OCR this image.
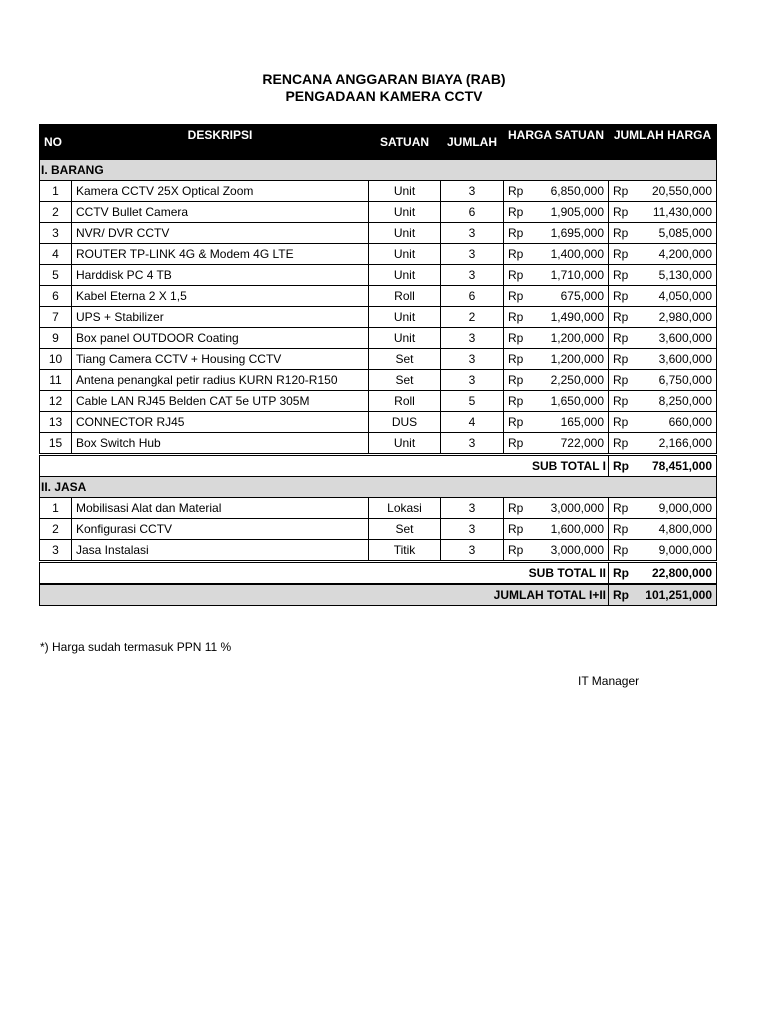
RENCANA ANGGARAN BIAYA (RAB)
PENGADAAN KAMERA CCTV
NO	DESKRIPSI	SATUAN	JUMLAH	HARGA SATUAN		JUMLAH HARGA	
I. BARANG							
1	Kamera CCTV 25X Optical Zoom	Unit	3	Rp	6,850,000	Rp	20,550,000
2	CCTV Bullet Camera	Unit	6	Rp	1,905,000	Rp	11,430,000
3	NVR/ DVR CCTV	Unit	3	Rp	1,695,000	Rp	5,085,000
4	ROUTER TP-LINK 4G & Modem 4G LTE	Unit	3	Rp	1,400,000	Rp	4,200,000
5	Harddisk PC 4 TB	Unit	3	Rp	1,710,000	Rp	5,130,000
6	Kabel Eterna 2 X 1,5	Roll	6	Rp	675,000	Rp	4,050,000
7	UPS + Stabilizer	Unit	2	Rp	1,490,000	Rp	2,980,000
9	Box panel OUTDOOR Coating	Unit	3	Rp	1,200,000	Rp	3,600,000
10	Tiang Camera CCTV + Housing CCTV	Set	3	Rp	1,200,000	Rp	3,600,000
11	Antena penangkal petir radius KURN R120-R150	Set	3	Rp	2,250,000	Rp	6,750,000
12	Cable LAN RJ45 Belden CAT 5e UTP 305M	Roll	5	Rp	1,650,000	Rp	8,250,000
13	CONNECTOR RJ45	DUS	4	Rp	165,000	Rp	660,000
15	Box Switch Hub	Unit	3	Rp	722,000	Rp	2,166,000
SUB TOTAL I						Rp	78,451,000
II. JASA							
1	Mobilisasi Alat dan Material	Lokasi	3	Rp	3,000,000	Rp	9,000,000
2	Konfigurasi CCTV	Set	3	Rp	1,600,000	Rp	4,800,000
3	Jasa Instalasi	Titik	3	Rp	3,000,000	Rp	9,000,000
SUB TOTAL II						Rp	22,800,000
JUMLAH TOTAL I+II						Rp	101,251,000
*) Harga sudah termasuk PPN 11 %
IT Manager
